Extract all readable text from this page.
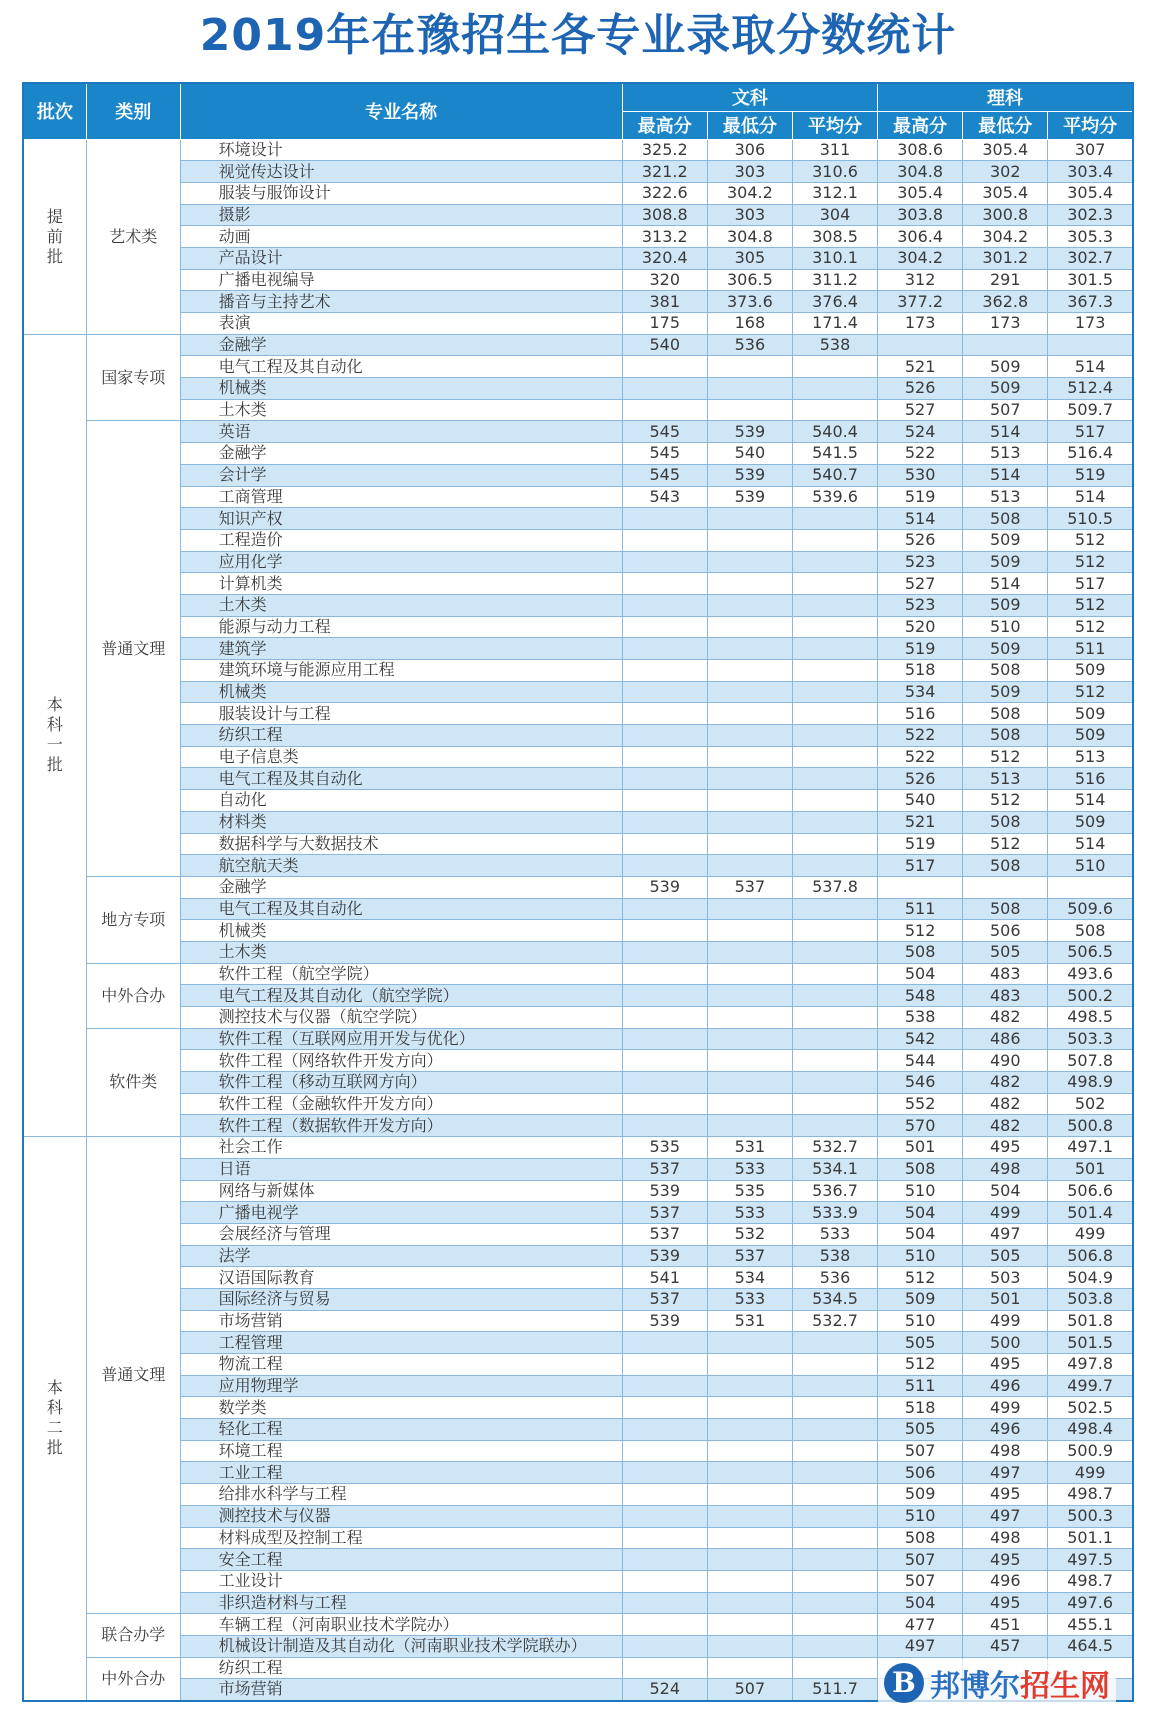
2019年在豫招生各专业录取分数统计
批次	类别	专业名称	文科			理科		
			最高分	最低分	平均分	最高分	最低分	平均分
提前批	艺术类	环境设计	325.2	306	311	308.6	305.4	307
		视觉传达设计	321.2	303	310.6	304.8	302	303.4
		服装与服饰设计	322.6	304.2	312.1	305.4	305.4	305.4
		摄影	308.8	303	304	303.8	300.8	302.3
		动画	313.2	304.8	308.5	306.4	304.2	305.3
		产品设计	320.4	305	310.1	304.2	301.2	302.7
		广播电视编导	320	306.5	311.2	312	291	301.5
		播音与主持艺术	381	373.6	376.4	377.2	362.8	367.3
		表演	175	168	171.4	173	173	173
本科一批	国家专项	金融学	540	536	538			
		电气工程及其自动化				521	509	514
		机械类				526	509	512.4
		土木类				527	507	509.7
	普通文理	英语	545	539	540.4	524	514	517
		金融学	545	540	541.5	522	513	516.4
		会计学	545	539	540.7	530	514	519
		工商管理	543	539	539.6	519	513	514
		知识产权				514	508	510.5
		工程造价				526	509	512
		应用化学				523	509	512
		计算机类				527	514	517
		土木类				523	509	512
		能源与动力工程				520	510	512
		建筑学				519	509	511
		建筑环境与能源应用工程				518	508	509
		机械类				534	509	512
		服装设计与工程				516	508	509
		纺织工程				522	508	509
		电子信息类				522	512	513
		电气工程及其自动化				526	513	516
		自动化				540	512	514
		材料类				521	508	509
		数据科学与大数据技术				519	512	514
		航空航天类				517	508	510
	地方专项	金融学	539	537	537.8			
		电气工程及其自动化				511	508	509.6
		机械类				512	506	508
		土木类				508	505	506.5
	中外合办	软件工程（航空学院）				504	483	493.6
		电气工程及其自动化（航空学院）				548	483	500.2
		测控技术与仪器（航空学院）				538	482	498.5
	软件类	软件工程（互联网应用开发与优化）				542	486	503.3
		软件工程（网络软件开发方向）				544	490	507.8
		软件工程（移动互联网方向）				546	482	498.9
		软件工程（金融软件开发方向）				552	482	502
		软件工程（数据软件开发方向）				570	482	500.8
本科二批	普通文理	社会工作	535	531	532.7	501	495	497.1
		日语	537	533	534.1	508	498	501
		网络与新媒体	539	535	536.7	510	504	506.6
		广播电视学	537	533	533.9	504	499	501.4
		会展经济与管理	537	532	533	504	497	499
		法学	539	537	538	510	505	506.8
		汉语国际教育	541	534	536	512	503	504.9
		国际经济与贸易	537	533	534.5	509	501	503.8
		市场营销	539	531	532.7	510	499	501.8
		工程管理				505	500	501.5
		物流工程				512	495	497.8
		应用物理学				511	496	499.7
		数学类				518	499	502.5
		轻化工程				505	496	498.4
		环境工程				507	498	500.9
		工业工程				506	497	499
		给排水科学与工程				509	495	498.7
		测控技术与仪器				510	497	500.3
		材料成型及控制工程				508	498	501.1
		安全工程				507	495	497.5
		工业设计				507	496	498.7
		非织造材料与工程				504	495	497.6
	联合办学	车辆工程（河南职业技术学院办）				477	451	455.1
		机械设计制造及其自动化（河南职业技术学院联办）				497	457	464.5
	中外合办	纺织工程						
		市场营销	524	507	511.7			B 邦博尔招生网
